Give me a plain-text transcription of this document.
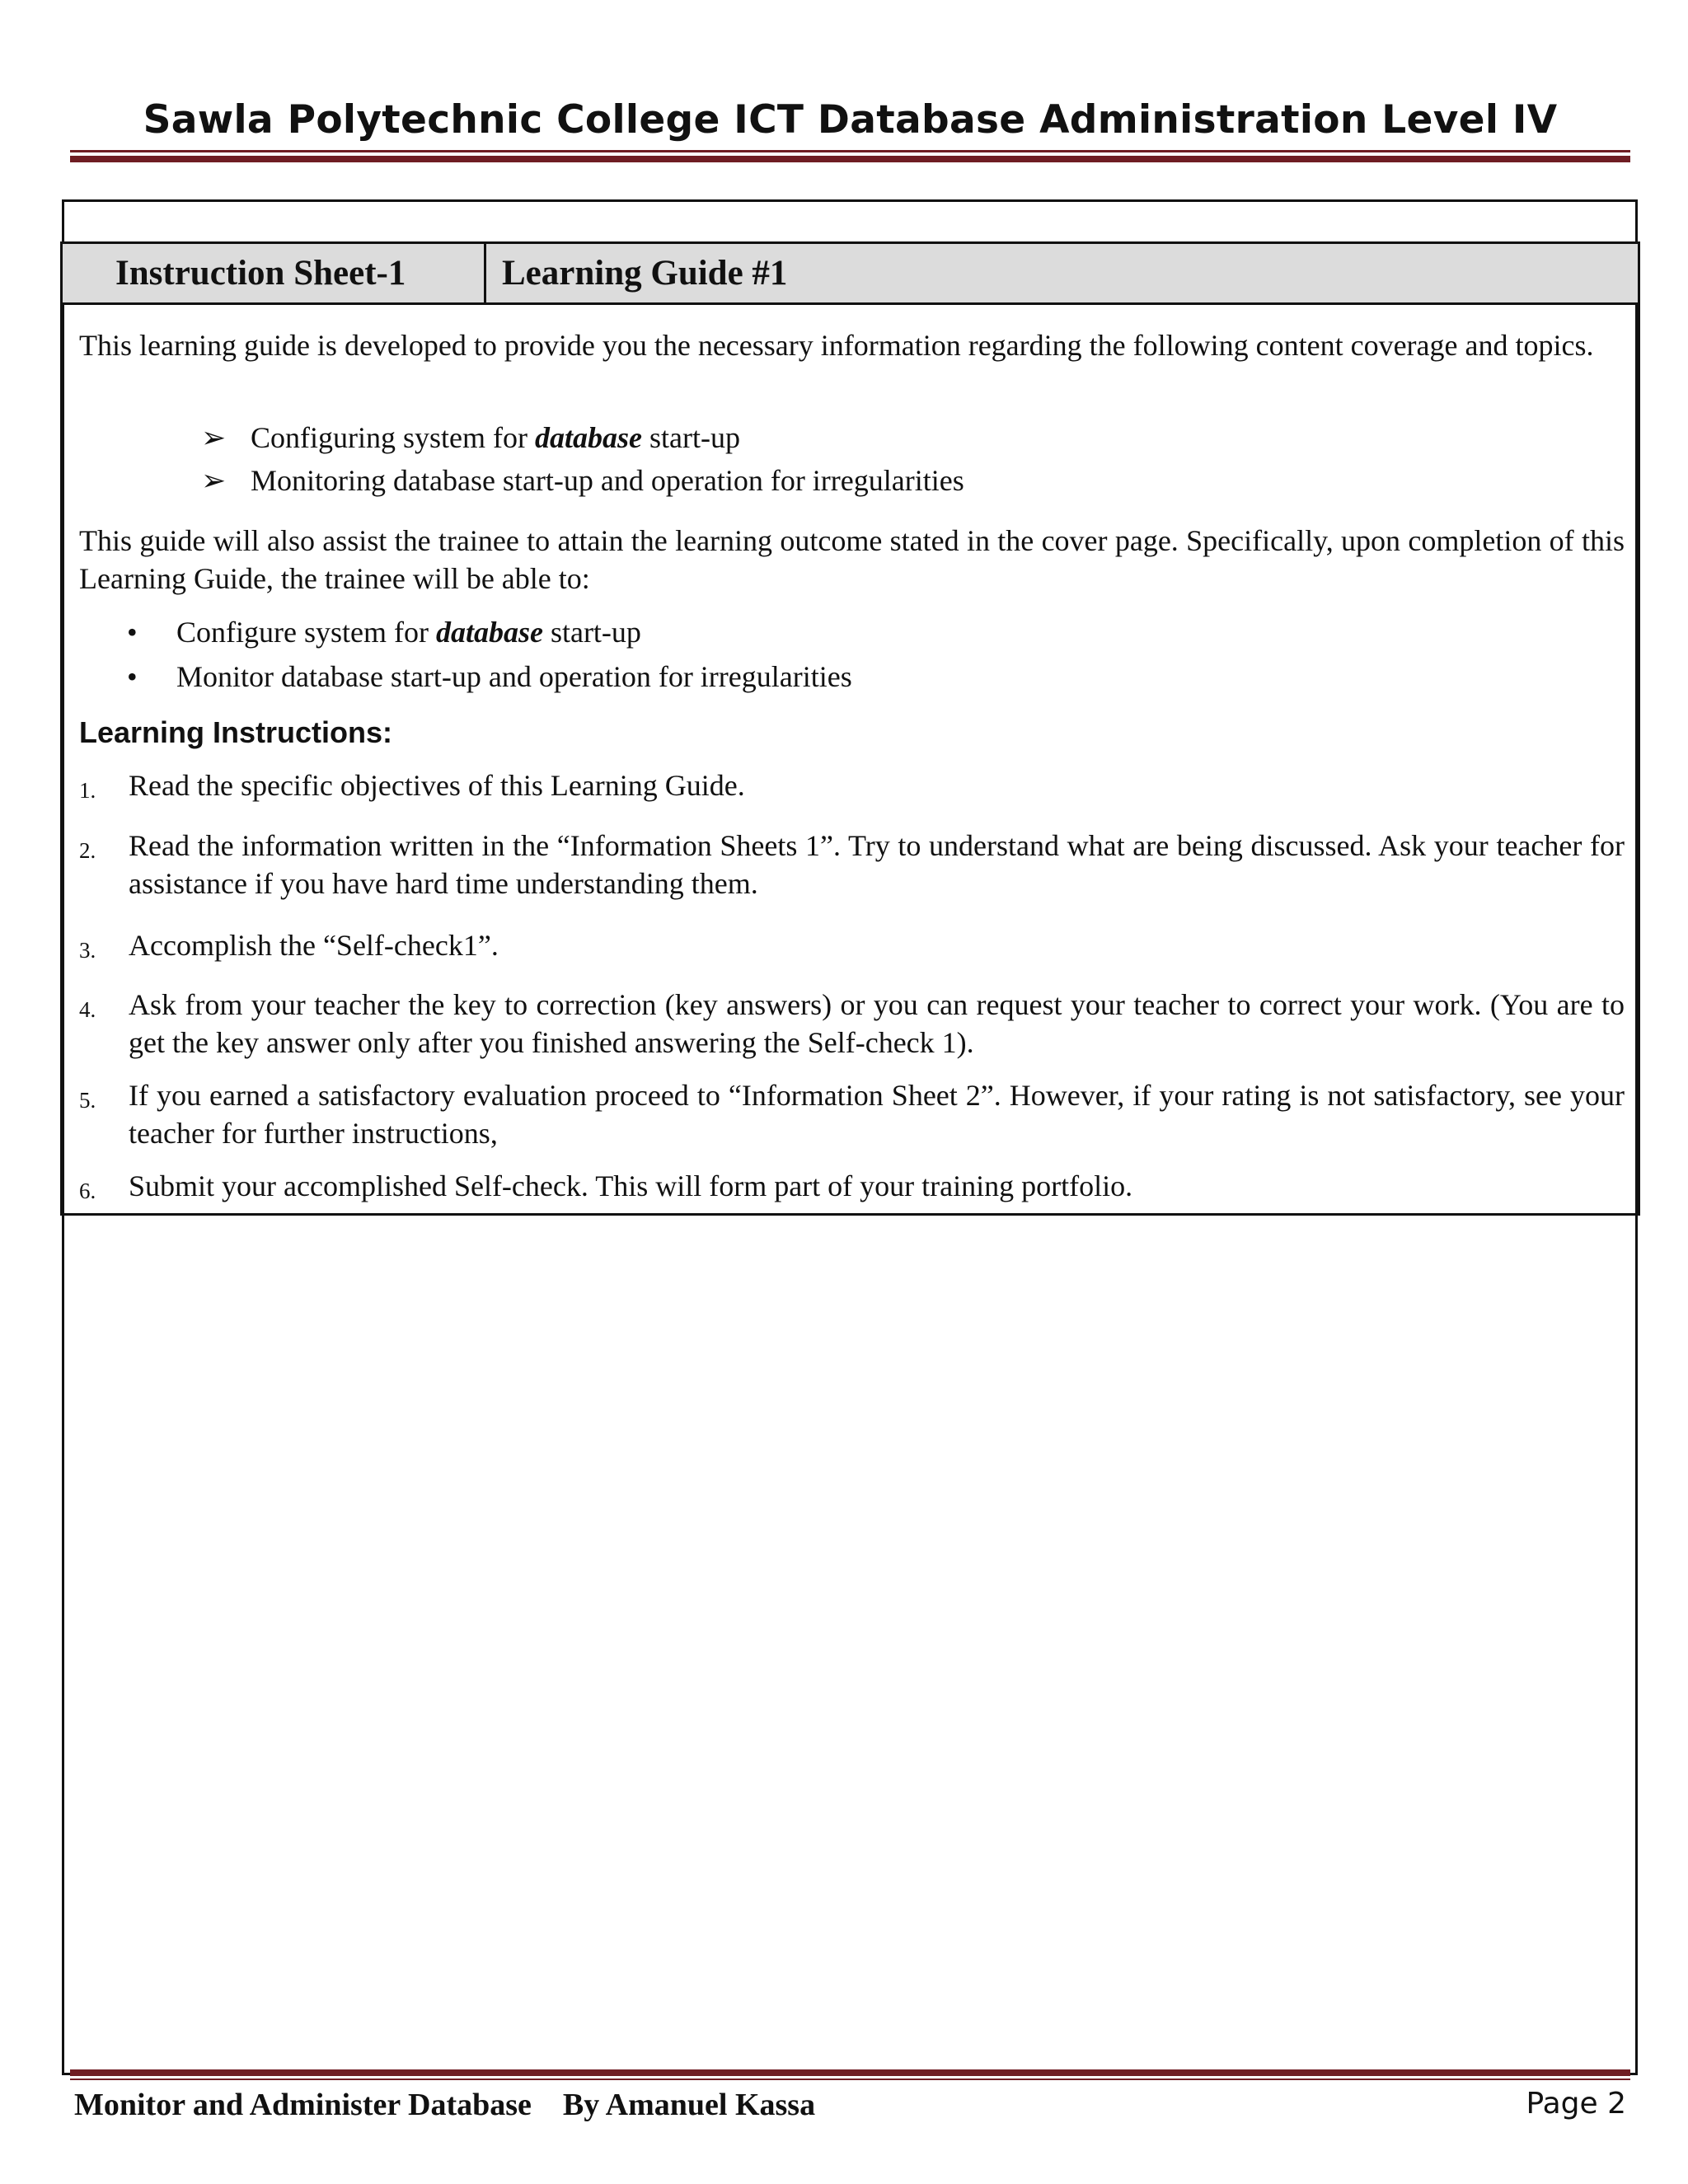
Sawla Polytechnic College ICT Database Administration Level IV
Instruction Sheet-1	Learning Guide #1

This learning guide is developed to provide you the necessary information regarding the following content coverage and topics.

➢ Configuring system for database start-up
➢ Monitoring database start-up and operation for irregularities

This guide will also assist the trainee to attain the learning outcome stated in the cover page. Specifically, upon completion of this Learning Guide, the trainee will be able to:

•	Configure system for database start-up
•	Monitor database start-up and operation for irregularities
Learning Instructions:
1.	Read the specific objectives of this Learning Guide.
2.	Read the information written in the “Information Sheets 1”. Try to understand what are being discussed. Ask your teacher for assistance if you have hard time understanding them.
3.	Accomplish the “Self-check1”.
4.	Ask from your teacher the key to correction (key answers) or you can request your teacher to correct your work. (You are to get the key answer only after you finished answering the Self-check 1).
5.	If you earned a satisfactory evaluation proceed to “Information Sheet 2”. However, if your rating is not satisfactory, see your teacher for further instructions,
6.	Submit your accomplished Self-check. This will form part of your training portfolio.
Monitor and Administer Database By Amanuel Kassa	Page 2
